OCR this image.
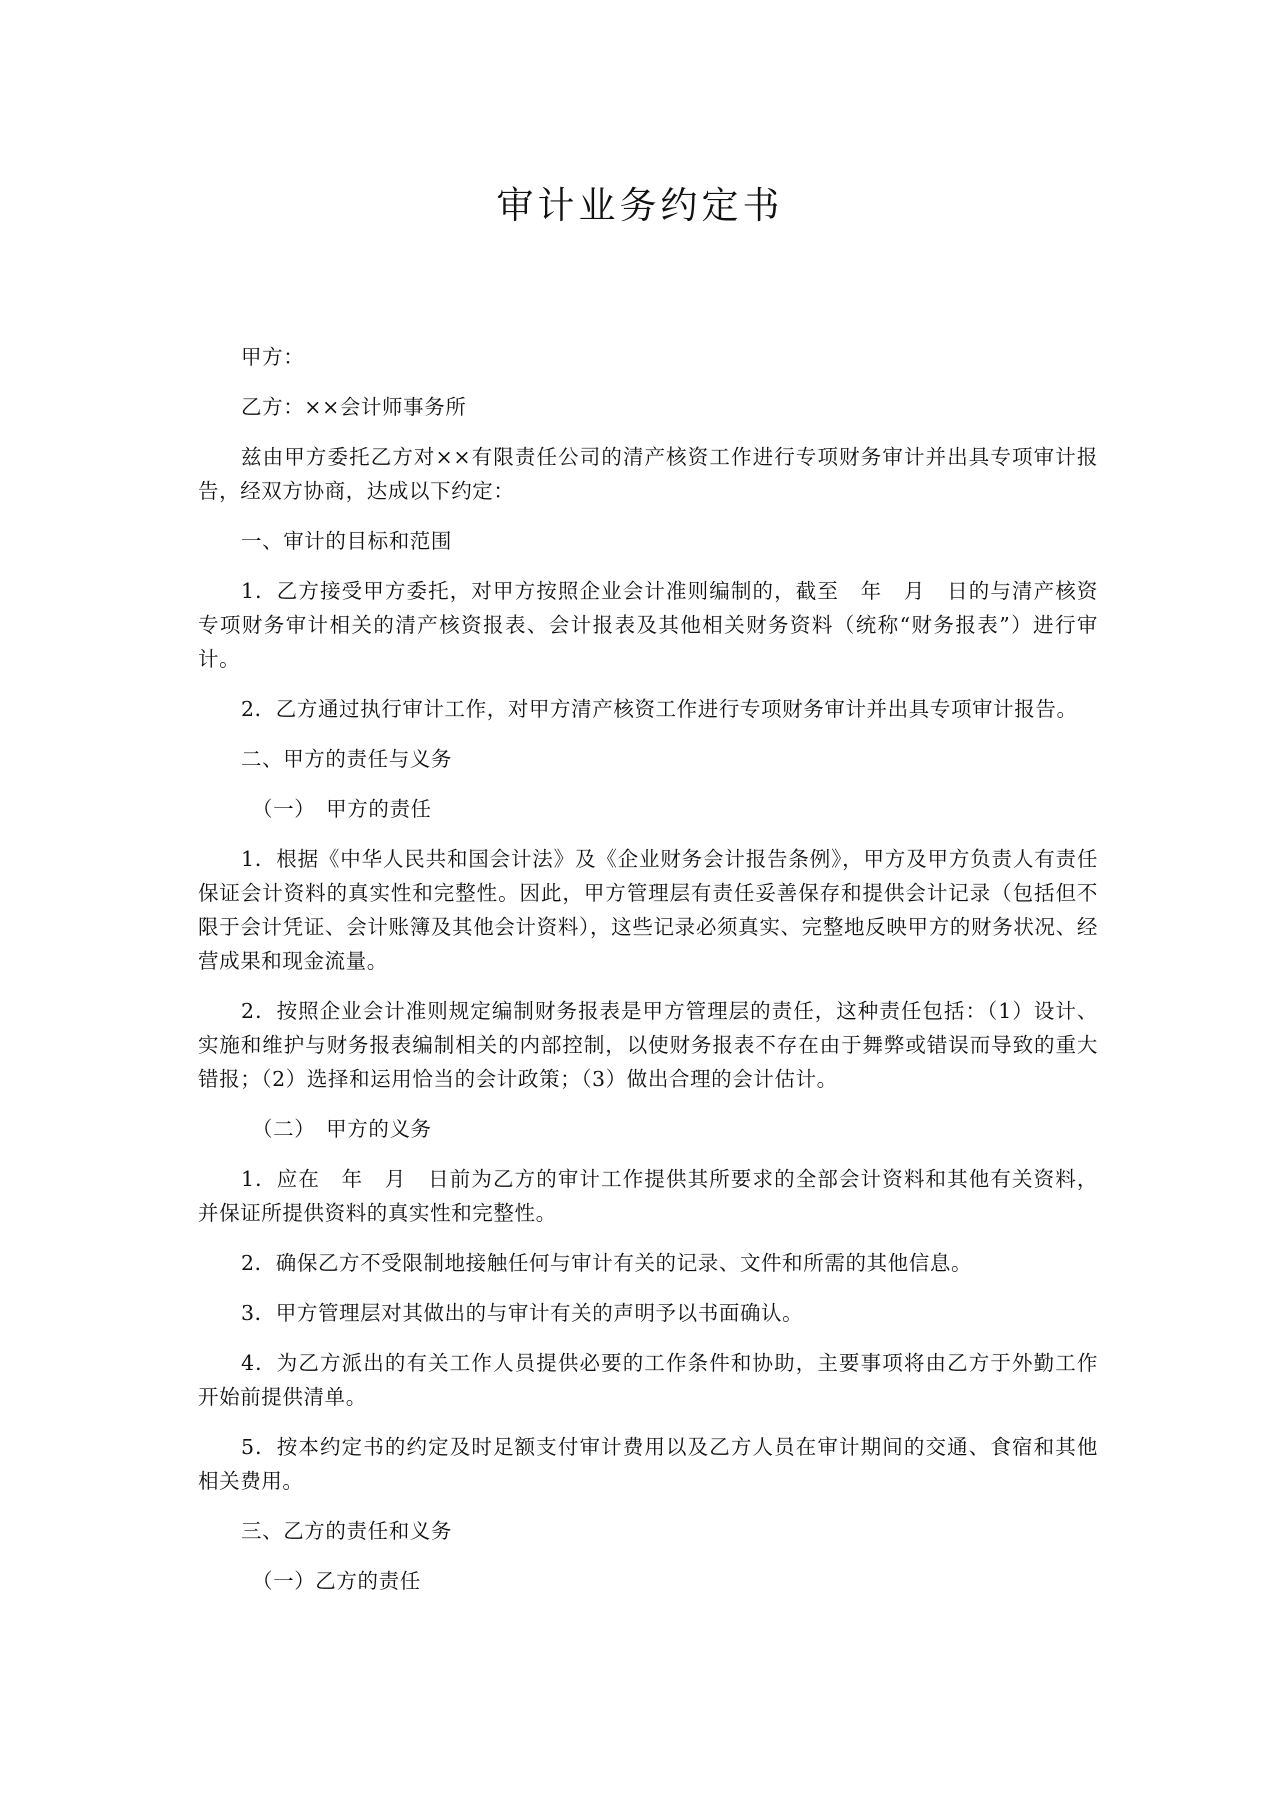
审计业务约定书

甲方：

乙方：××会计师事务所

兹由甲方委托乙方对××有限责任公司的清产核资工作进行专项财务审计并出具专项审计报告，经双方协商，达成以下约定：

一、审计的目标和范围

1．乙方接受甲方委托，对甲方按照企业会计准则编制的，截至　年　月　日的与清产核资专项财务审计相关的清产核资报表、会计报表及其他相关财务资料（统称“财务报表”）进行审计。

2．乙方通过执行审计工作，对甲方清产核资工作进行专项财务审计并出具专项审计报告。

二、甲方的责任与义务

（一）　甲方的责任

1．根据《中华人民共和国会计法》及《企业财务会计报告条例》，甲方及甲方负责人有责任保证会计资料的真实性和完整性。因此，甲方管理层有责任妥善保存和提供会计记录（包括但不限于会计凭证、会计账簿及其他会计资料），这些记录必须真实、完整地反映甲方的财务状况、经营成果和现金流量。

2．按照企业会计准则规定编制财务报表是甲方管理层的责任，这种责任包括：（1）设计、实施和维护与财务报表编制相关的内部控制，以使财务报表不存在由于舞弊或错误而导致的重大错报；（2）选择和运用恰当的会计政策；（3）做出合理的会计估计。

（二）　甲方的义务

1．应在　年　月　日前为乙方的审计工作提供其所要求的全部会计资料和其他有关资料，并保证所提供资料的真实性和完整性。

2．确保乙方不受限制地接触任何与审计有关的记录、文件和所需的其他信息。

3．甲方管理层对其做出的与审计有关的声明予以书面确认。

4．为乙方派出的有关工作人员提供必要的工作条件和协助，主要事项将由乙方于外勤工作开始前提供清单。

5．按本约定书的约定及时足额支付审计费用以及乙方人员在审计期间的交通、食宿和其他相关费用。

三、乙方的责任和义务

（一）乙方的责任
